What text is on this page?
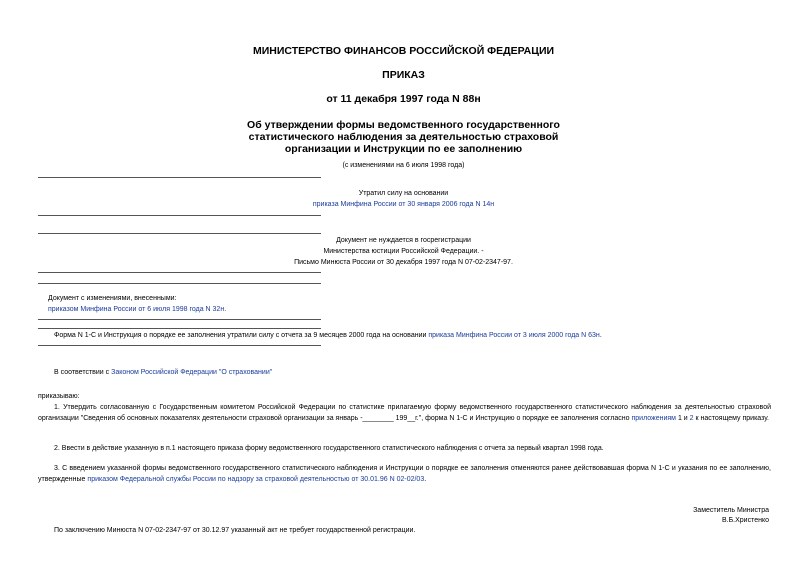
МИНИСТЕРСТВО ФИНАНСОВ РОССИЙСКОЙ ФЕДЕРАЦИИ
ПРИКАЗ
от 11 декабря 1997 года N 88н
Об утверждении формы ведомственного государственного
статистического наблюдения за деятельностью страховой
организации и Инструкции по ее заполнению
(с изменениями на 6 июля 1998 года)
Утратил силу на основании
приказа Минфина России от 30 января 2006 года N 14н
Документ не нуждается в госрегистрации
Министерства юстиции Российской Федерации. -
Письмо Минюста России от 30 декабря 1997 года N 07-02-2347-97.
Документ с изменениями, внесенными:
приказом Минфина России от 6 июля 1998 года N 32н.
Форма N 1-С и Инструкция о порядке ее заполнения утратили силу с отчета за 9 месяцев 2000 года на основании приказа Минфина России от 3 июля 2000 года N 63н.
В соответствии с Законом Российской Федерации "О страховании"
приказываю:
1. Утвердить согласованную с Государственным комитетом Российской Федерации по статистике прилагаемую форму ведомственного государственного статистического наблюдения за деятельностью страховой организации "Сведения об основных показателях деятельности страховой организации за январь -________ 199__г.", форма N 1-С и Инструкцию о порядке ее заполнения согласно приложениям 1 и 2 к настоящему приказу.
2. Ввести в действие указанную в п.1 настоящего приказа форму ведомственного государственного статистического наблюдения с отчета за первый квартал 1998 года.
3. С введением указанной формы ведомственного государственного статистического наблюдения и Инструкции о порядке ее заполнения отменяются ранее действовавшая форма N 1-С и указания по ее заполнению, утвержденные приказом Федеральной службы России по надзору за страховой деятельностью от 30.01.96 N 02-02/03.
Заместитель Министра
В.Б.Христенко
По заключению Минюста N 07-02-2347-97 от 30.12.97 указанный акт не требует государственной регистрации.
